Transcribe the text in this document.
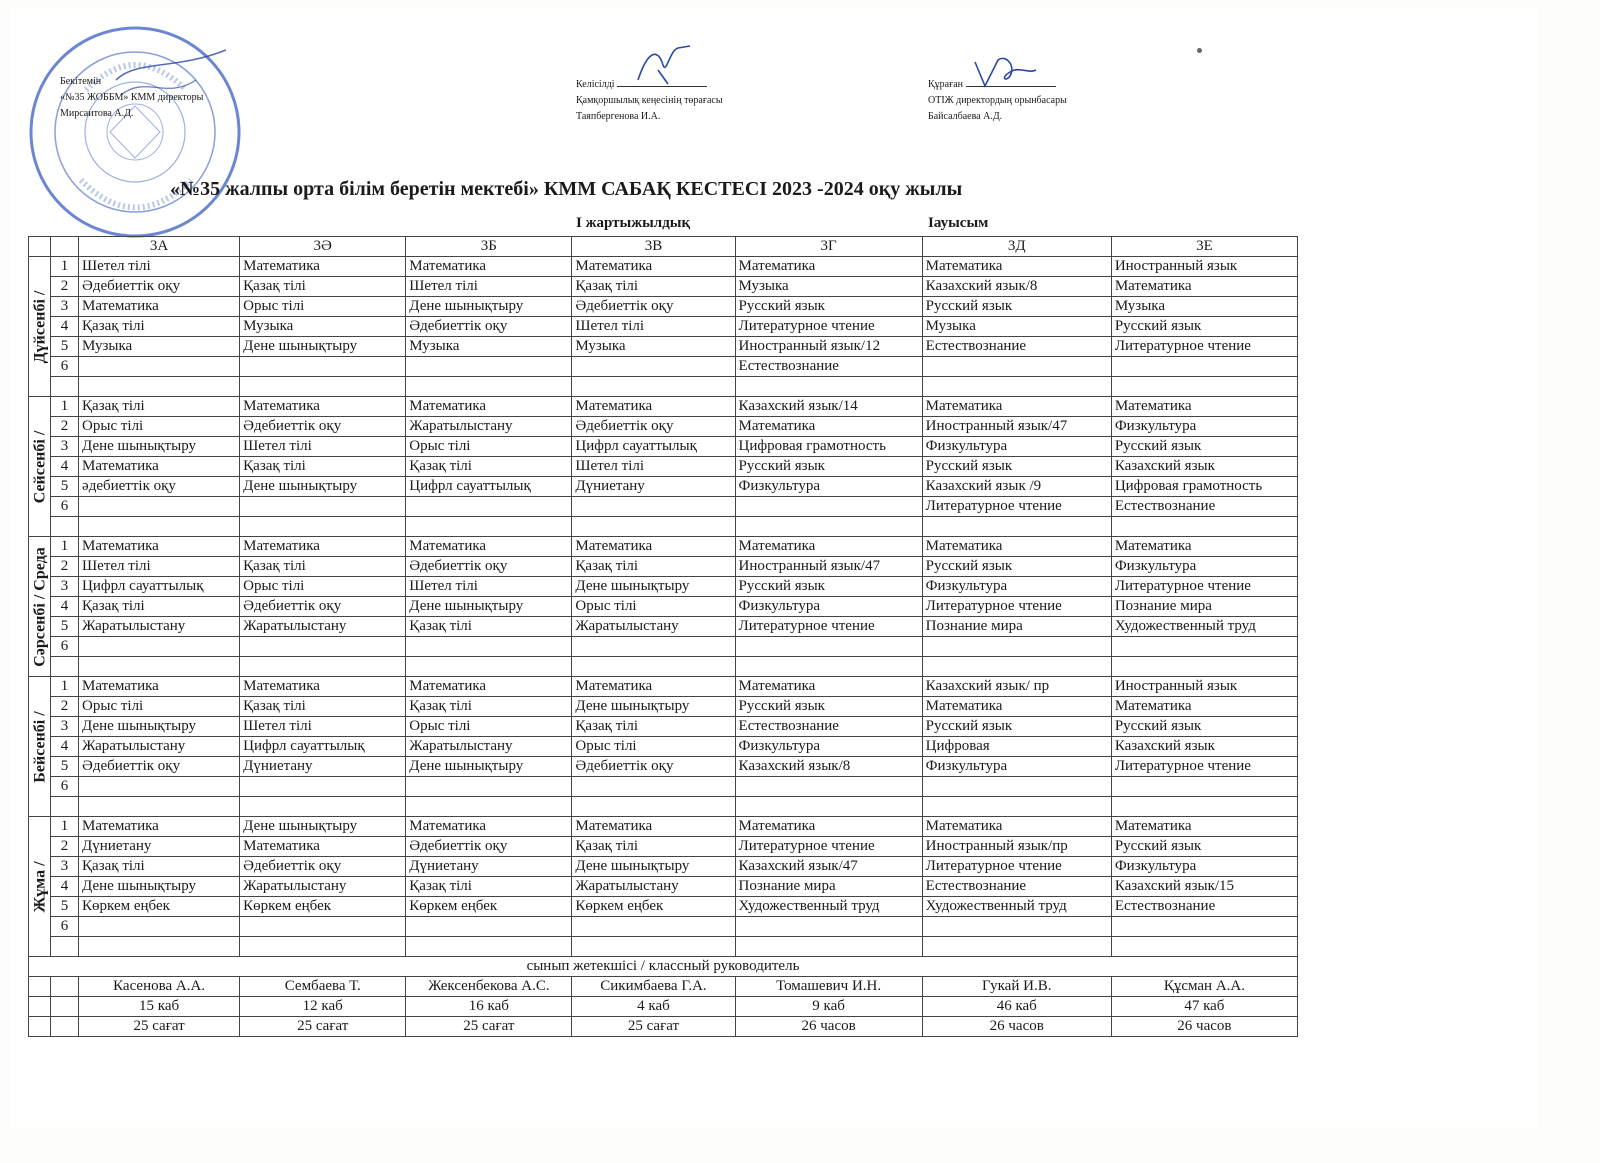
Бекітемін
«№35 ЖОББМ» КММ директоры
Мирсаитова А.Д.
Келісілді
Қамқоршылық кеңесінің төрағасы
Таяпбергенова И.А.
Құраған
ОТІЖ директордың орынбасары
Байсалбаева А.Д.
«№35 жалпы орта білім беретін мектебі» КММ САБАҚ КЕСТЕСІ 2023 -2024 оқу жылы
І жартыжылдық	Іауысым
		3А	3Ә	3Б	3В	3Г	3Д	3Е

Дүйсенбі /	1	Шетел тілі	Математика	Математика	Математика	Математика	Математика	Иностранный язык
	2	Әдебиеттік оқу	Қазақ тілі	Шетел тілі	Қазақ тілі	Музыка	Казахский язык/8	Математика
	3	Математика	Орыс тілі	Дене шынықтыру	Әдебиеттік оқу	Русский язык	Русский язык	Музыка
	4	Қазақ тілі	Музыка	Әдебиеттік оқу	Шетел тілі	Литературное чтение	Музыка	Русский язык
	5	Музыка	Дене шынықтыру	Музыка	Музыка	Иностранный язык/12	Естествознание	Литературное чтение
	6					Естествознание		

Сейсенбі /	1	Қазақ тілі	Математика	Математика	Математика	Казахский язык/14	Математика	Математика
	2	Орыс тілі	Әдебиеттік оқу	Жаратылыстану	Әдебиеттік оқу	Математика	Иностранный язык/47	Физкультура
	3	Дене шынықтыру	Шетел тілі	Орыс тілі	Цифрл сауаттылық	Цифровая грамотность	Физкультура	Русский язык
	4	Математика	Қазақ тілі	Қазақ тілі	Шетел тілі	Русский язык	Русский язык	Казахский язык
	5	әдебиеттік оқу	Дене шынықтыру	Цифрл сауаттылық	Дүниетану	Физкультура	Казахский язык /9	Цифровая грамотность
	6						Литературное чтение	Естествознание

Сәрсенбі / Среда	1	Математика	Математика	Математика	Математика	Математика	Математика	Математика
	2	Шетел тілі	Қазақ тілі	Әдебиеттік оқу	Қазақ тілі	Иностранный язык/47	Русский язык	Физкультура
	3	Цифрл сауаттылық	Орыс тілі	Шетел тілі	Дене шынықтыру	Русский язык	Физкультура	Литературное чтение
	4	Қазақ тілі	Әдебиеттік оқу	Дене шынықтыру	Орыс тілі	Физкультура	Литературное чтение	Познание мира
	5	Жаратылыстану	Жаратылыстану	Қазақ тілі	Жаратылыстану	Литературное чтение	Познание мира	Художественный труд
	6							

Бейсенбі /	1	Математика	Математика	Математика	Математика	Математика	Казахский язык/ пр	Иностранный язык
	2	Орыс тілі	Қазақ тілі	Қазақ тілі	Дене шынықтыру	Русский язык	Математика	Математика
	3	Дене шынықтыру	Шетел тілі	Орыс тілі	Қазақ тілі	Естествознание	Русский язык	Русский язык
	4	Жаратылыстану	Цифрл сауаттылық	Жаратылыстану	Орыс тілі	Физкультура	Цифровая	Казахский язык
	5	Әдебиеттік оқу	Дүниетану	Дене шынықтыру	Әдебиеттік оқу	Казахский язык/8	Физкультура	Литературное чтение
	6							

Жұма /	1	Математика	Дене шынықтыру	Математика	Математика	Математика	Математика	Математика
	2	Дүниетану	Математика	Әдебиеттік оқу	Қазақ тілі	Литературное чтение	Иностранный язык/пр	Русский язык
	3	Қазақ тілі	Әдебиеттік оқу	Дүниетану	Дене шынықтыру	Казахский язык/47	Литературное чтение	Физкультура
	4	Дене шынықтыру	Жаратылыстану	Қазақ тілі	Жаратылыстану	Познание мира	Естествознание	Казахский язык/15
	5	Көркем еңбек	Көркем еңбек	Көркем еңбек	Көркем еңбек	Художественный труд	Художественный труд	Естествознание
	6							

сынып жетекшісі / классный руководитель								
		Касенова А.А.	Сембаева Т.	Жексенбекова А.С.	Сикимбаева Г.А.	Томашевич И.Н.	Гукай И.В.	Құсман А.А.
		15 каб	12 каб	16 каб	4 каб	9 каб	46 каб	47 каб
		25 сағат	25 сағат	25 сағат	25 сағат	26 часов	26 часов	26 часов
